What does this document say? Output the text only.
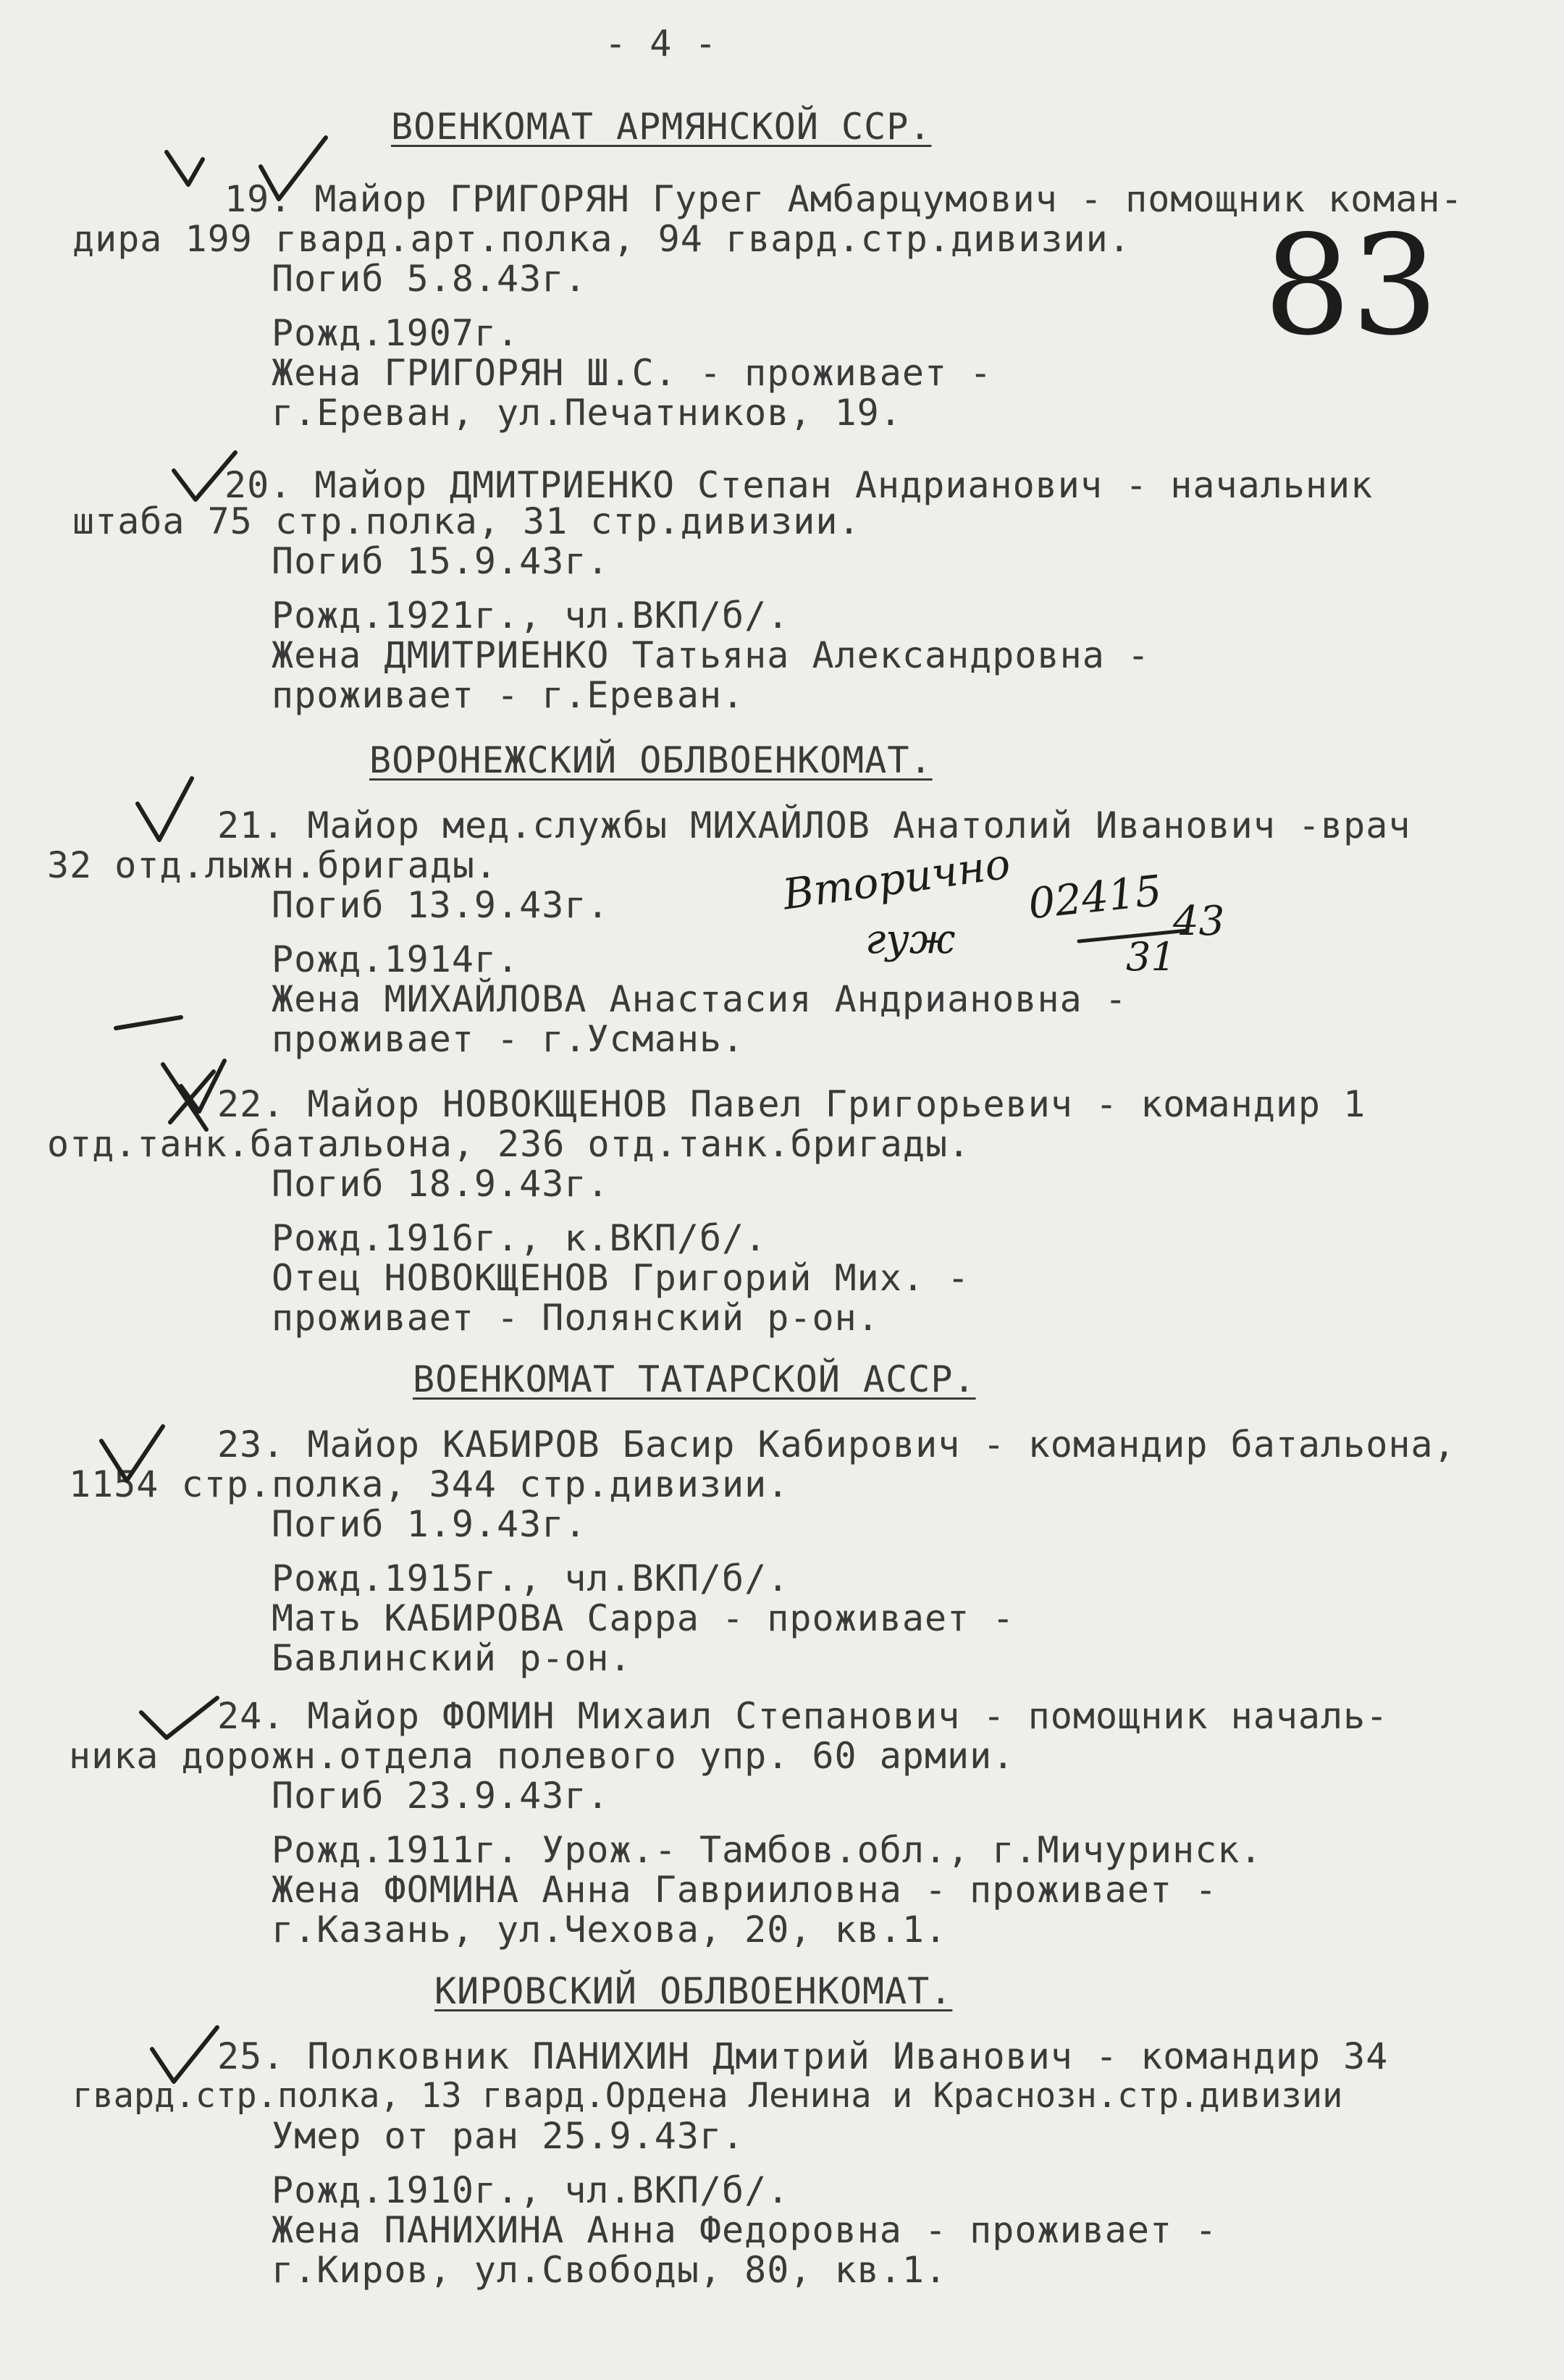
- 4 -
ВОЕНКОМАТ АРМЯНСКОЙ ССР.
19. Майор ГРИГОРЯН Гурег Амбарцумович - помощник коман-
дира 199 гвард.арт.полка, 94 гвард.стр.дивизии.
Погиб 5.8.43г.
Рожд.1907г.
Жена ГРИГОРЯН Ш.С. - проживает -
г.Ереван, ул.Печатников, 19.
20. Майор ДМИТРИЕНКО Степан Андрианович - начальник
штаба 75 стр.полка, 31 стр.дивизии.
Погиб 15.9.43г.
Рожд.1921г., чл.ВКП/б/.
Жена ДМИТРИЕНКО Татьяна Александровна -
проживает - г.Ереван.
ВОРОНЕЖСКИЙ ОБЛВОЕНКОМАТ.
21. Майор мед.службы МИХАЙЛОВ Анатолий Иванович -врач
32 отд.лыжн.бригады.
Погиб 13.9.43г.
Рожд.1914г.
Жена МИХАЙЛОВА Анастасия Андриановна -
проживает - г.Усмань.
22. Майор НОВОКЩЕНОВ Павел Григорьевич - командир 1
отд.танк.батальона, 236 отд.танк.бригады.
Погиб 18.9.43г.
Рожд.1916г., к.ВКП/б/.
Отец НОВОКЩЕНОВ Григорий Мих. -
проживает - Полянский р-он.
ВОЕНКОМАТ ТАТАРСКОЙ АССР.
23. Майор КАБИРОВ Басир Кабирович - командир батальона,
1154 стр.полка, 344 стр.дивизии.
Погиб 1.9.43г.
Рожд.1915г., чл.ВКП/б/.
Мать КАБИРОВА Сарра - проживает -
Бавлинский р-он.
24. Майор ФОМИН Михаил Степанович - помощник началь-
ника дорожн.отдела полевого упр. 60 армии.
Погиб 23.9.43г.
Рожд.1911г. Урож.- Тамбов.обл., г.Мичуринск.
Жена ФОМИНА Анна Гаврииловна - проживает -
г.Казань, ул.Чехова, 20, кв.1.
КИРОВСКИЙ ОБЛВОЕНКОМАТ.
25. Полковник ПАНИХИН Дмитрий Иванович - командир 34
гвард.стр.полка, 13 гвард.Ордена Ленина и Краснозн.стр.дивизии
Умер от ран 25.9.43г.
Рожд.1910г., чл.ВКП/б/.
Жена ПАНИХИНА Анна Федоровна - проживает -
г.Киров, ул.Свободы, 80, кв.1.
83
Вторично
гуж
02415
31
43
